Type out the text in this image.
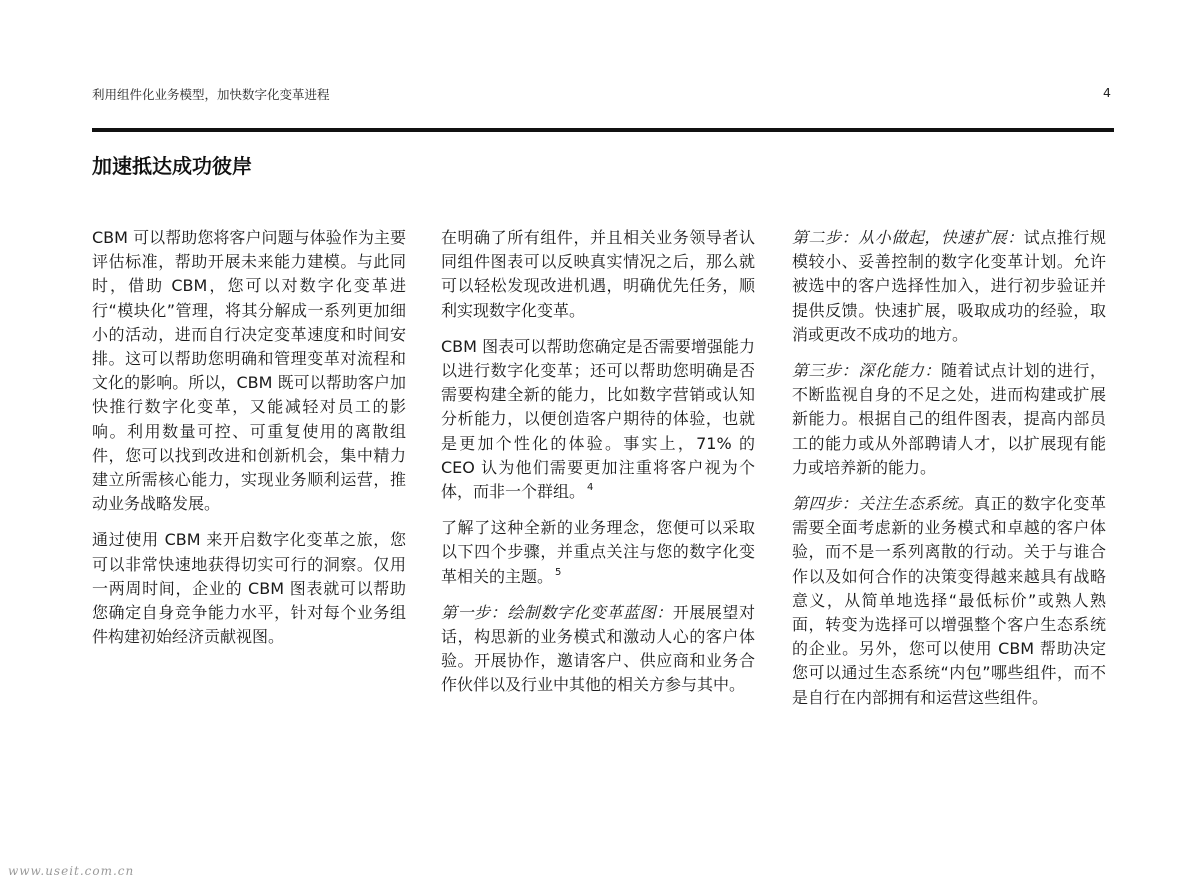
利用组件化业务模型，加快数字化变革进程	4
加速抵达成功彼岸

CBM 可以帮助您将客户问题与体验作为主要评估标准，帮助开展未来能力建模。与此同时，借助 CBM，您可以对数字化变革进行“模块化”管理，将其分解成一系列更加细小的活动，进而自行决定变革速度和时间安排。这可以帮助您明确和管理变革对流程和文化的影响。所以，CBM 既可以帮助客户加快推行数字化变革，又能减轻对员工的影响。利用数量可控、可重复使用的离散组件，您可以找到改进和创新机会，集中精力建立所需核心能力，实现业务顺利运营，推动业务战略发展。

通过使用 CBM 来开启数字化变革之旅，您可以非常快速地获得切实可行的洞察。仅用一两周时间，企业的 CBM 图表就可以帮助您确定自身竞争能力水平，针对每个业务组件构建初始经济贡献视图。

在明确了所有组件，并且相关业务领导者认同组件图表可以反映真实情况之后，那么就可以轻松发现改进机遇，明确优先任务，顺利实现数字化变革。

CBM 图表可以帮助您确定是否需要增强能力以进行数字化变革；还可以帮助您明确是否需要构建全新的能力，比如数字营销或认知分析能力，以便创造客户期待的体验，也就是更加个性化的体验。事实上，71% 的 CEO 认为他们需要更加注重将客户视为个体，而非一个群组。 $^4$

了解了这种全新的业务理念，您便可以采取以下四个步骤，并重点关注与您的数字化变革相关的主题。 $^5$

第一步：绘制数字化变革蓝图：开展展望对话，构思新的业务模式和激动人心的客户体验。开展协作，邀请客户、供应商和业务合作伙伴以及行业中其他的相关方参与其中。

第二步：从小做起，快速扩展：试点推行规模较小、妥善控制的数字化变革计划。允许被选中的客户选择性加入，进行初步验证并提供反馈。快速扩展，吸取成功的经验，取消或更改不成功的地方。

第三步：深化能力：随着试点计划的进行，不断监视自身的不足之处，进而构建或扩展新能力。根据自己的组件图表，提高内部员工的能力或从外部聘请人才，以扩展现有能力或培养新的能力。

第四步：关注生态系统。真正的数字化变革需要全面考虑新的业务模式和卓越的客户体验，而不是一系列离散的行动。关于与谁合作以及如何合作的决策变得越来越具有战略意义，从简单地选择“最低标价”或熟人熟面，转变为选择可以增强整个客户生态系统的企业。另外，您可以使用 CBM 帮助决定您可以通过生态系统“内包”哪些组件，而不是自行在内部拥有和运营这些组件。

www.useit.com.cn
